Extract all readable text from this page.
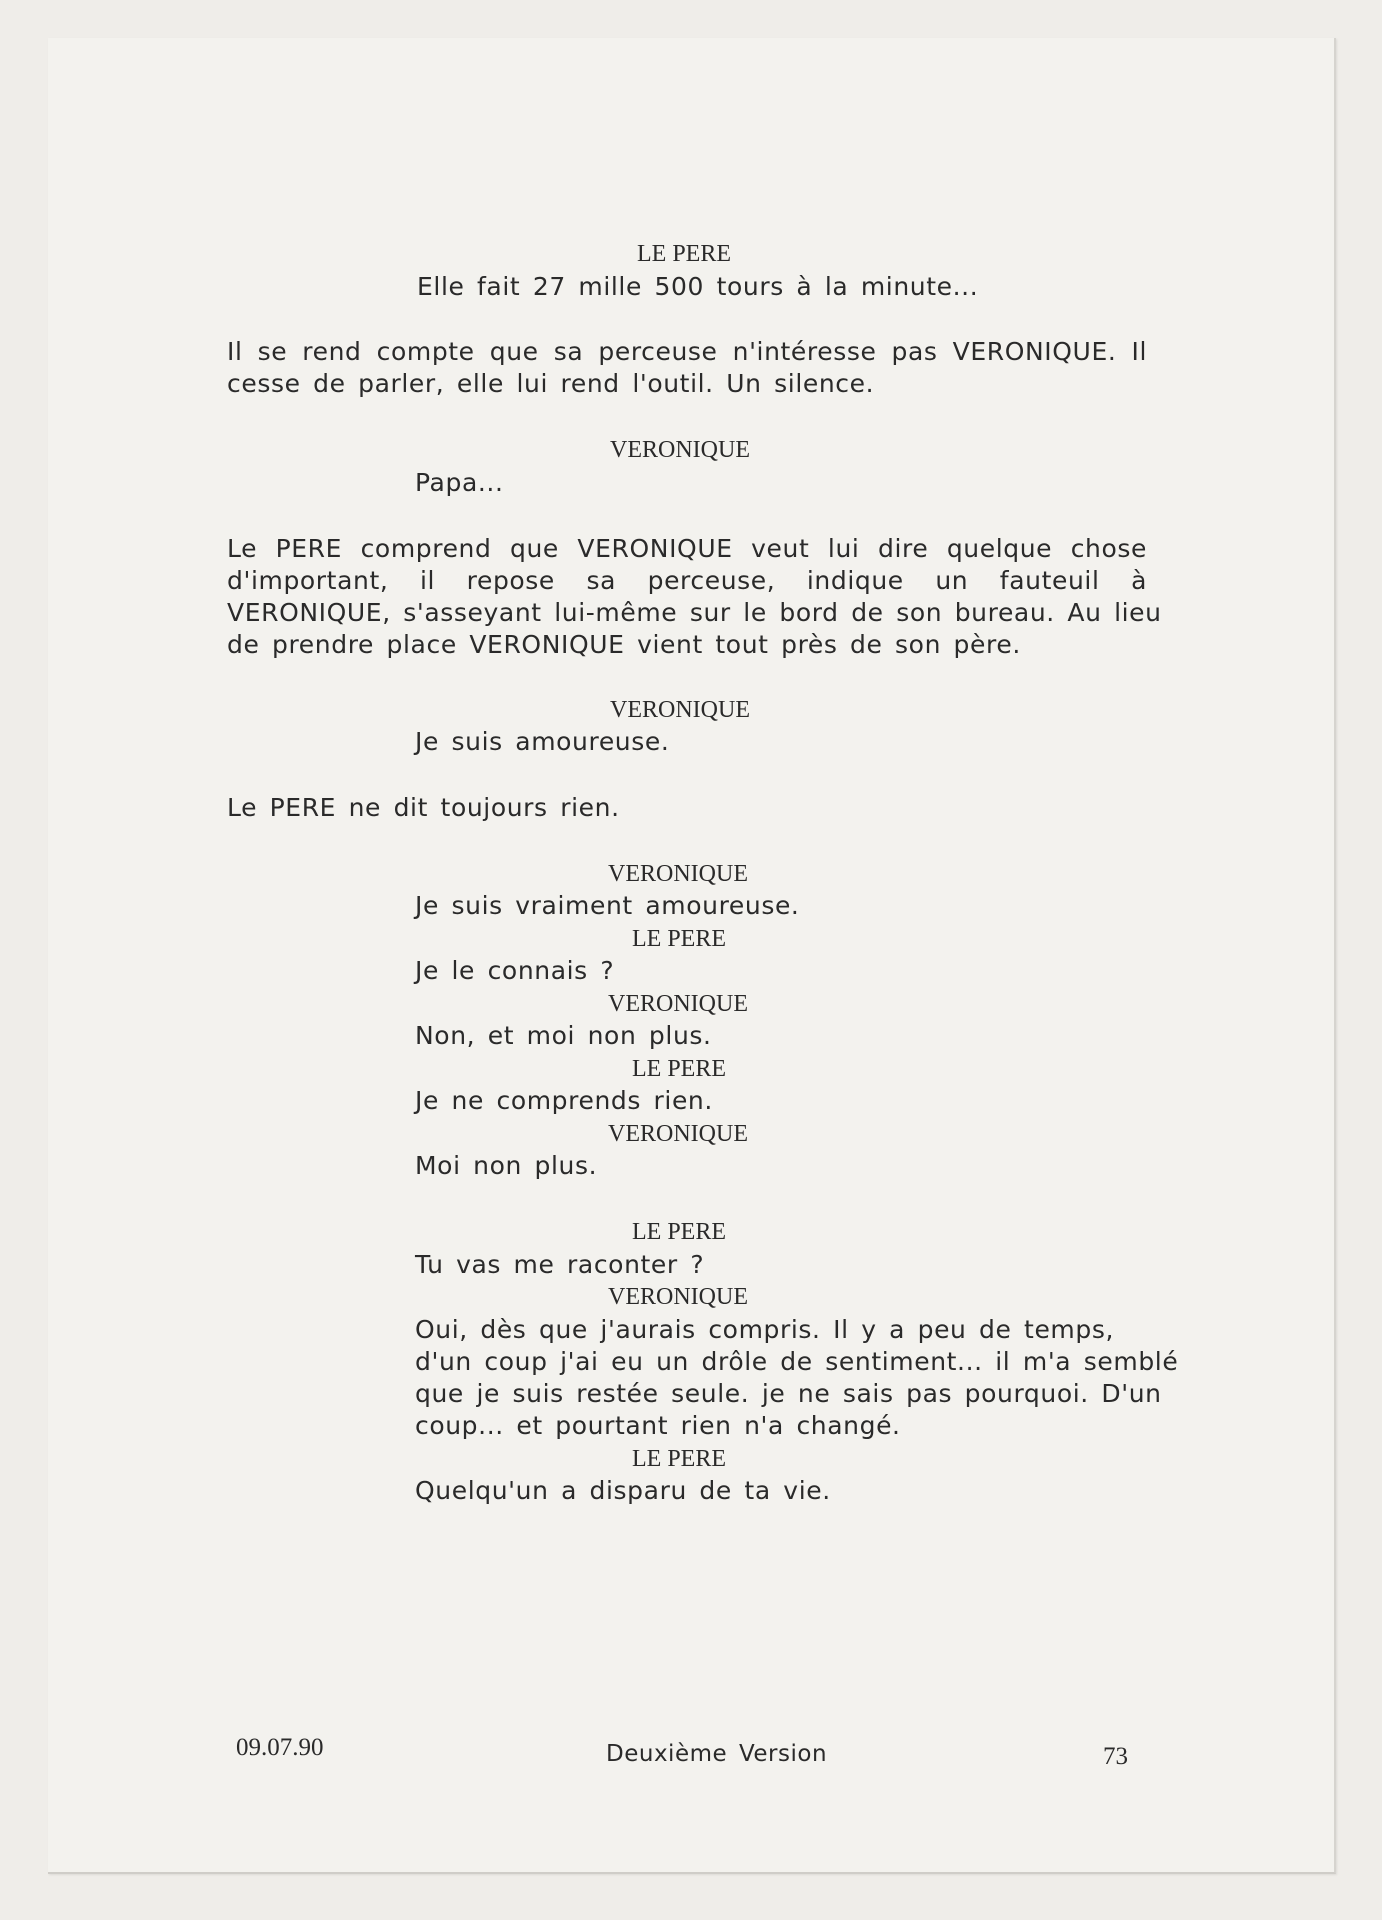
LE PERE
Elle fait 27 mille 500 tours à la minute...
Il se rend compte que sa perceuse n'intéresse pas VERONIQUE. Il
cesse de parler, elle lui rend l'outil. Un silence.
VERONIQUE
Papa...
Le PERE comprend que VERONIQUE veut lui dire quelque chose
d'important, il repose sa perceuse, indique un fauteuil à
VERONIQUE, s'asseyant lui-même sur le bord de son bureau. Au lieu
de prendre place VERONIQUE vient tout près de son père.
VERONIQUE
Je suis amoureuse.
Le PERE ne dit toujours rien.
VERONIQUE
Je suis vraiment amoureuse.
LE PERE
Je le connais ?
VERONIQUE
Non, et moi non plus.
LE PERE
Je ne comprends rien.
VERONIQUE
Moi non plus.
LE PERE
Tu vas me raconter ?
VERONIQUE
Oui, dès que j'aurais compris. Il y a peu de temps,
d'un coup j'ai eu un drôle de sentiment... il m'a semblé
que je suis restée seule. je ne sais pas pourquoi. D'un
coup... et pourtant rien n'a changé.
LE PERE
Quelqu'un a disparu de ta vie.
09.07.90	Deuxième Version	73
